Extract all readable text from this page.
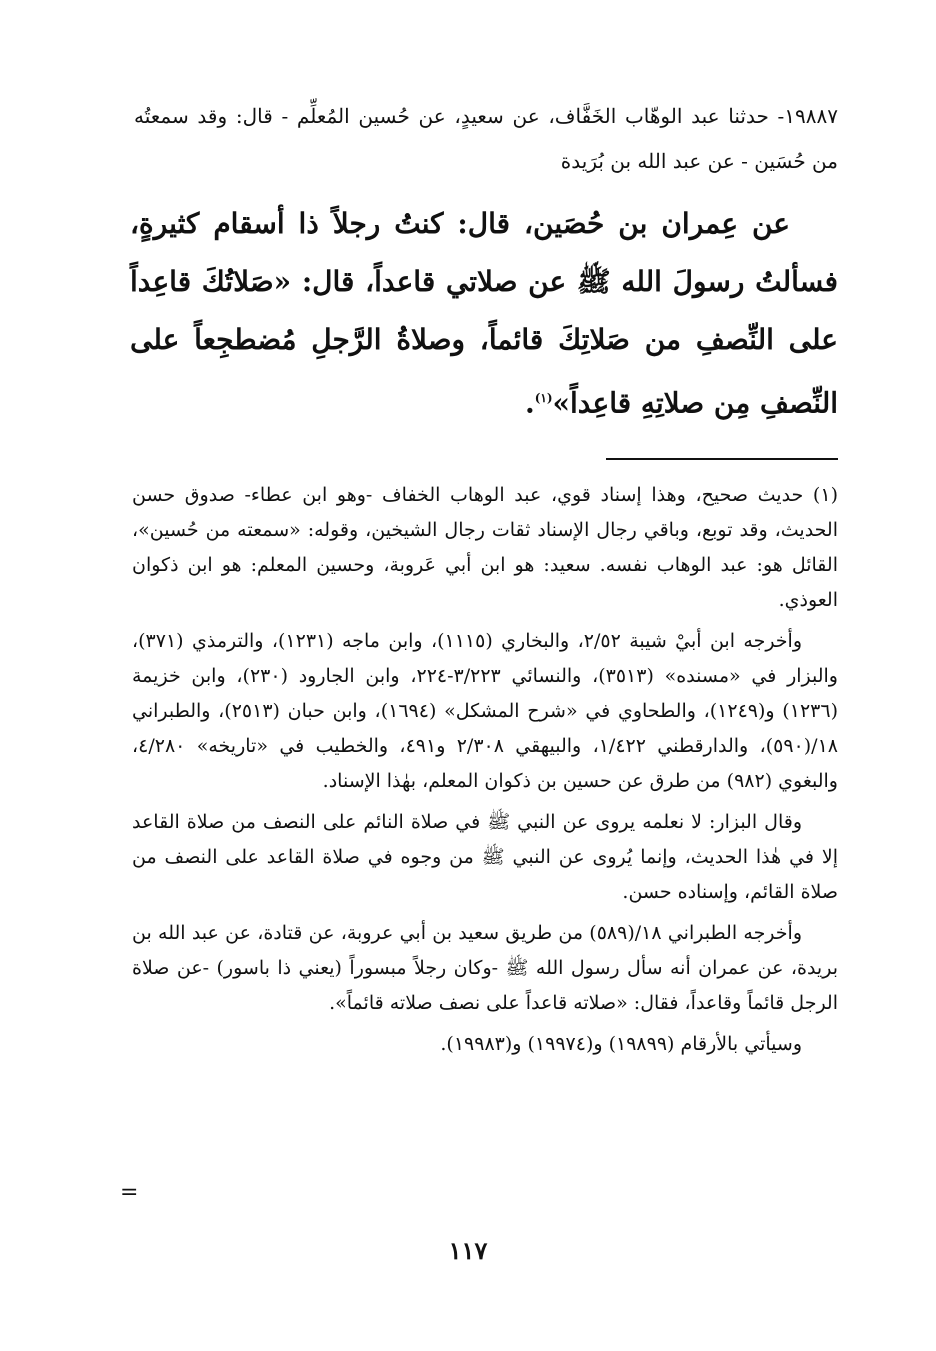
١٩٨٨٧- حدثنا عبد الوهّاب الخَفَّاف، عن سعيدٍ، عن حُسين المُعلِّم - قال: وقد سمعتُه من حُسَين - عن عبد الله بن بُرَيدة
عن عِمران بن حُصَين، قال: كنتُ رجلاً ذا أسقام كثيرةٍ، فسألتُ رسولَ الله ﷺ عن صلاتي قاعداً، قال: «صَلاتُكَ قاعِداً على النِّصفِ من صَلاتِكَ قائماً، وصلاةُ الرَّجلِ مُضطجِعاً على النِّصفِ مِن صلاتِهِ قاعِداً»$^{(١)}$.

(١) حديث صحيح، وهذا إسناد قوي، عبد الوهاب الخفاف -وهو ابن عطاء- صدوق حسن الحديث، وقد توبع، وباقي رجال الإسناد ثقات رجال الشيخين، وقوله: «سمعته من حُسين»، القائل هو: عبد الوهاب نفسه. سعيد: هو ابن أبي عَروبة، وحسين المعلم: هو ابن ذكوان العوذي.

وأخرجه ابن أبيْ شيبة ٢/٥٢، والبخاري (١١١٥)، وابن ماجه (١٢٣١)، والترمذي (٣٧١)، والبزار في «مسنده» (٣٥١٣)، والنسائي ٣/٢٢٣-٢٢٤، وابن الجارود (٢٣٠)، وابن خزيمة (١٢٣٦) و(١٢٤٩)، والطحاوي في «شرح المشكل» (١٦٩٤)، وابن حبان (٢٥١٣)، والطبراني ١٨/(٥٩٠)، والدارقطني ١/٤٢٢، والبيهقي ٢/٣٠٨ و٤٩١، والخطيب في «تاريخه» ٤/٢٨٠، والبغوي (٩٨٢) من طرق عن حسين بن ذكوان المعلم، بهٰذا الإسناد.

وقال البزار: لا نعلمه يروى عن النبي ﷺ في صلاة النائم على النصف من صلاة القاعد إلا في هٰذا الحديث، وإنما يُروى عن النبي ﷺ من وجوه في صلاة القاعد على النصف من صلاة القائم، وإسناده حسن.

وأخرجه الطبراني ١٨/(٥٨٩) من طريق سعيد بن أبي عروبة، عن قتادة، عن عبد الله بن بريدة، عن عمران أنه سأل رسول الله ﷺ -وكان رجلاً مبسوراً (يعني ذا باسور) -عن صلاة الرجل قائماً وقاعداً، فقال: «صلاته قاعداً على نصف صلاته قائماً».

وسيأتي بالأرقام (١٩٨٩٩) و(١٩٩٧٤) و(١٩٩٨٣).

=
١١٧
